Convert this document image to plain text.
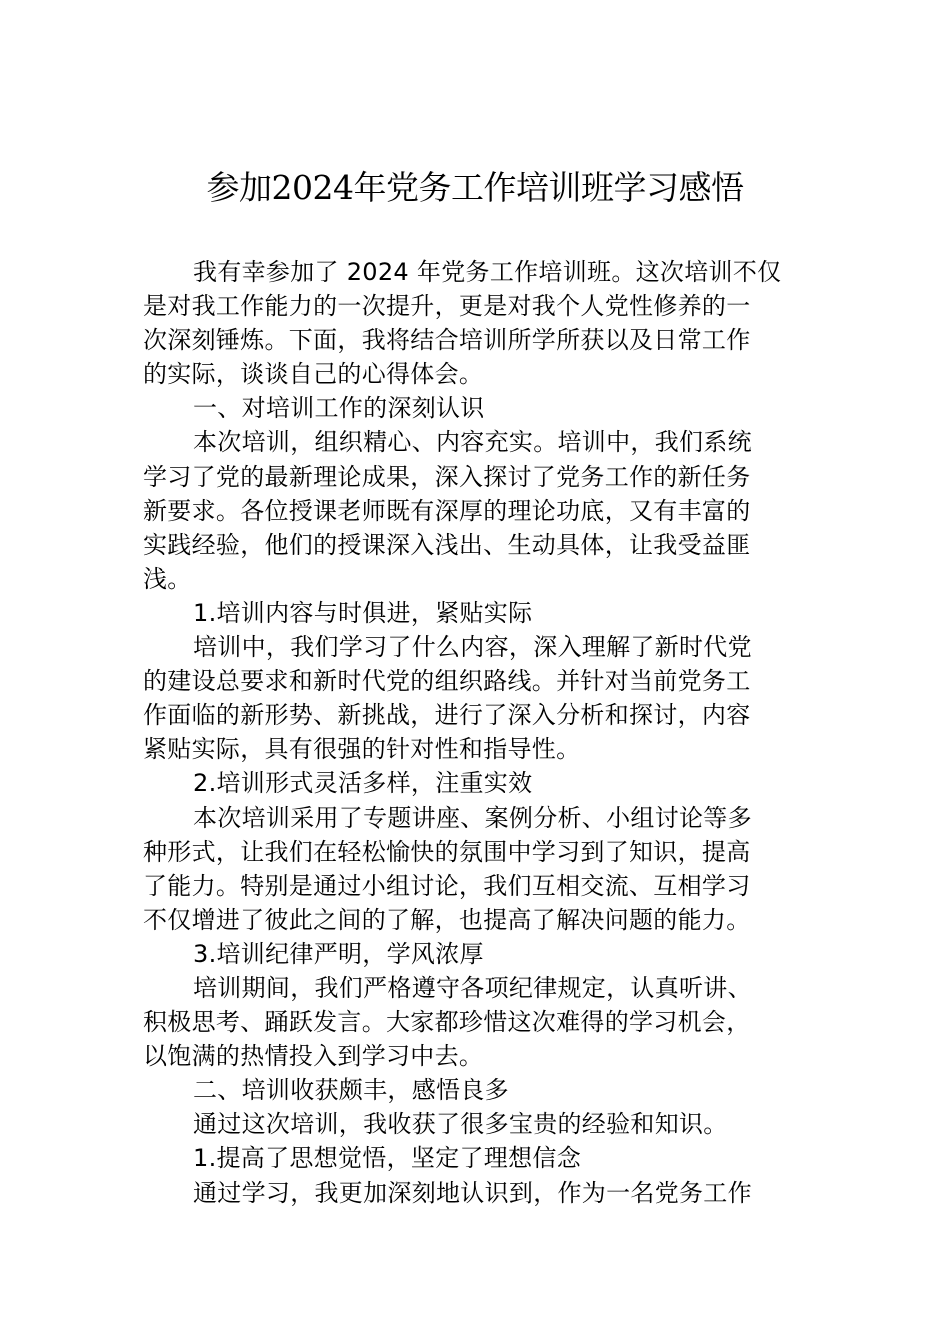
参加2024年党务工作培训班学习感悟

我有幸参加了 2024 年党务工作培训班。这次培训不仅

是对我工作能力的一次提升，更是对我个人党性修养的一

次深刻锤炼。下面，我将结合培训所学所获以及日常工作

的实际，谈谈自己的心得体会。

一、对培训工作的深刻认识

本次培训，组织精心、内容充实。培训中，我们系统

学习了党的最新理论成果，深入探讨了党务工作的新任务

新要求。各位授课老师既有深厚的理论功底，又有丰富的

实践经验，他们的授课深入浅出、生动具体，让我受益匪

浅。

1.培训内容与时俱进，紧贴实际

培训中，我们学习了什么内容，深入理解了新时代党

的建设总要求和新时代党的组织路线。并针对当前党务工

作面临的新形势、新挑战，进行了深入分析和探讨，内容

紧贴实际，具有很强的针对性和指导性。

2.培训形式灵活多样，注重实效

本次培训采用了专题讲座、案例分析、小组讨论等多

种形式，让我们在轻松愉快的氛围中学习到了知识，提高

了能力。特别是通过小组讨论，我们互相交流、互相学习

不仅增进了彼此之间的了解，也提高了解决问题的能力。

3.培训纪律严明，学风浓厚

培训期间，我们严格遵守各项纪律规定，认真听讲、

积极思考、踊跃发言。大家都珍惜这次难得的学习机会，

以饱满的热情投入到学习中去。

二、培训收获颇丰，感悟良多

通过这次培训，我收获了很多宝贵的经验和知识。

1.提高了思想觉悟，坚定了理想信念

通过学习，我更加深刻地认识到，作为一名党务工作
